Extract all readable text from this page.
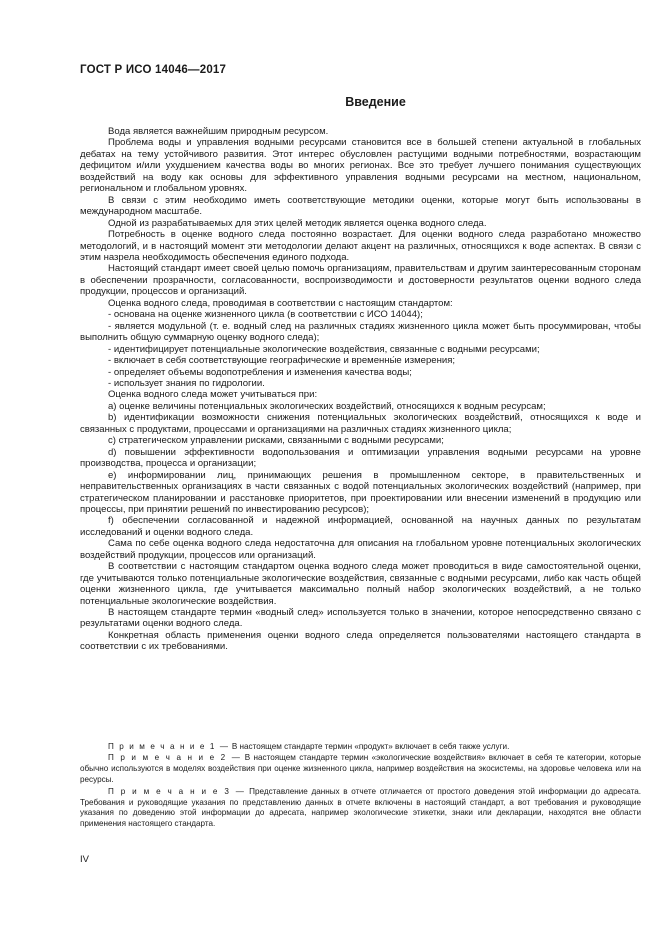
ГОСТ Р ИСО 14046—2017
Введение

Вода является важнейшим природным ресурсом.

Проблема воды и управления водными ресурсами становится все в большей степени актуальной в глобальных дебатах на тему устойчивого развития. Этот интерес обусловлен растущими водными потребностями, возрастающим дефицитом и/или ухудшением качества воды во многих регионах. Все это требует лучшего понимания существующих воздействий на воду как основы для эффективного управления водными ресурсами на местном, национальном, региональном и глобальном уровнях.

В связи с этим необходимо иметь соответствующие методики оценки, которые могут быть использованы в международном масштабе.

Одной из разрабатываемых для этих целей методик является оценка водного следа.

Потребность в оценке водного следа постоянно возрастает. Для оценки водного следа разработано множество методологий, и в настоящий момент эти методологии делают акцент на различных, относящихся к воде аспектах. В связи с этим назрела необходимость обеспечения единого подхода.

Настоящий стандарт имеет своей целью помочь организациям, правительствам и другим заинтересованным сторонам в обеспечении прозрачности, согласованности, воспроизводимости и достоверности результатов оценки водного следа продукции, процессов и организаций.

Оценка водного следа, проводимая в соответствии с настоящим стандартом:

- основана на оценке жизненного цикла (в соответствии с ИСО 14044);

- является модульной (т. е. водный след на различных стадиях жизненного цикла может быть просуммирован, чтобы выполнить общую суммарную оценку водного следа);

- идентифицирует потенциальные экологические воздействия, связанные с водными ресурсами;

- включает в себя соответствующие географические и временны́е измерения;

- определяет объемы водопотребления и изменения качества воды;

- использует знания по гидрологии.

Оценка водного следа может учитываться при:

a) оценке величины потенциальных экологических воздействий, относящихся к водным ресурсам;

b) идентификации возможности снижения потенциальных экологических воздействий, относящихся к воде и связанных с продуктами, процессами и организациями на различных стадиях жизненного цикла;

c) стратегическом управлении рисками, связанными с водными ресурсами;

d) повышении эффективности водопользования и оптимизации управления водными ресурсами на уровне производства, процесса и организации;

e) информировании лиц, принимающих решения в промышленном секторе, в правительственных и неправительственных организациях в части связанных с водой потенциальных экологических воздействий (например, при стратегическом планировании и расстановке приоритетов, при проектировании или внесении изменений в продукцию или процессы, при принятии решений по инвестированию ресурсов);

f) обеспечении согласованной и надежной информацией, основанной на научных данных по результатам исследований и оценки водного следа.

Сама по себе оценка водного следа недостаточна для описания на глобальном уровне потенциальных экологических воздействий продукции, процессов или организаций.

В соответствии с настоящим стандартом оценка водного следа может проводиться в виде самостоятельной оценки, где учитываются только потенциальные экологические воздействия, связанные с водными ресурсами, либо как часть общей оценки жизненного цикла, где учитывается максимально полный набор экологических воздействий, а не только потенциальные экологические воздействия.

В настоящем стандарте термин «водный след» используется только в значении, которое непосредственно связано с результатами оценки водного следа.

Конкретная область применения оценки водного следа определяется пользователями настоящего стандарта в соответствии с их требованиями.

П р и м е ч а н и е 1 — В настоящем стандарте термин «продукт» включает в себя также услуги.

П р и м е ч а н и е 2 — В настоящем стандарте термин «экологические воздействия» включает в себя те категории, которые обычно используются в моделях воздействия при оценке жизненного цикла, например воздействия на экосистемы, на здоровье человека или на ресурсы.

П р и м е ч а н и е 3 — Представление данных в отчете отличается от простого доведения этой информации до адресата. Требования и руководящие указания по представлению данных в отчете включены в настоящий стандарт, а вот требования и руководящие указания по доведению этой информации до адресата, например экологические этикетки, знаки или декларации, находятся вне области применения настоящего стандарта.

IV
